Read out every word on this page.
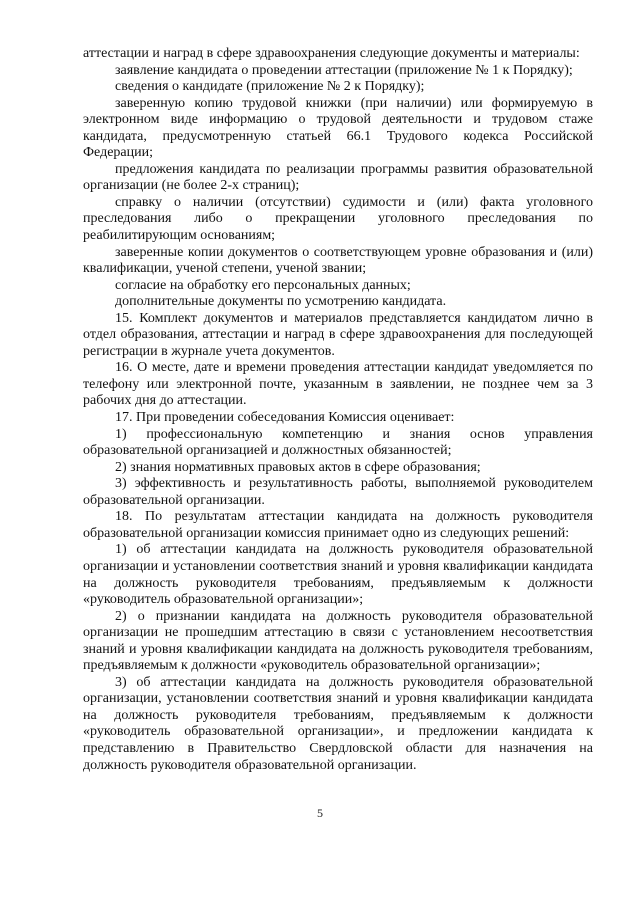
аттестации и наград в сфере здравоохранения следующие документы и материалы:

заявление кандидата о проведении аттестации (приложение № 1 к Порядку);

сведения о кандидате (приложение № 2 к Порядку);

заверенную копию трудовой книжки (при наличии) или формируемую в электронном виде информацию о трудовой деятельности и трудовом стаже кандидата, предусмотренную статьей 66.1 Трудового кодекса Российской Федерации;

предложения кандидата по реализации программы развития образовательной организации (не более 2-х страниц);

справку о наличии (отсутствии) судимости и (или) факта уголовного преследования либо о прекращении уголовного преследования по реабилитирующим основаниям;

заверенные копии документов о соответствующем уровне образования и (или) квалификации, ученой степени, ученой звании;

согласие на обработку его персональных данных;

дополнительные документы по усмотрению кандидата.

15. Комплект документов и материалов представляется кандидатом лично в отдел образования, аттестации и наград в сфере здравоохранения для последующей регистрации в журнале учета документов.

16. О месте, дате и времени проведения аттестации кандидат уведомляется по телефону или электронной почте, указанным в заявлении, не позднее чем за 3 рабочих дня до аттестации.

17. При проведении собеседования Комиссия оценивает:

1) профессиональную компетенцию и знания основ управления образовательной организацией и должностных обязанностей;

2) знания нормативных правовых актов в сфере образования;

3) эффективность и результативность работы, выполняемой руководителем образовательной организации.

18. По результатам аттестации кандидата на должность руководителя образовательной организации комиссия принимает одно из следующих решений:

1) об аттестации кандидата на должность руководителя образовательной организации и установлении соответствия знаний и уровня квалификации кандидата на должность руководителя требованиям, предъявляемым к должности «руководитель образовательной организации»;

2) о признании кандидата на должность руководителя образовательной организации не прошедшим аттестацию в связи с установлением несоответствия знаний и уровня квалификации кандидата на должность руководителя требованиям, предъявляемым к должности «руководитель образовательной организации»;

3) об аттестации кандидата на должность руководителя образовательной организации, установлении соответствия знаний и уровня квалификации кандидата на должность руководителя требованиям, предъявляемым к должности «руководитель образовательной организации», и предложении кандидата к представлению в Правительство Свердловской области для назначения на должность руководителя образовательной организации.

5
